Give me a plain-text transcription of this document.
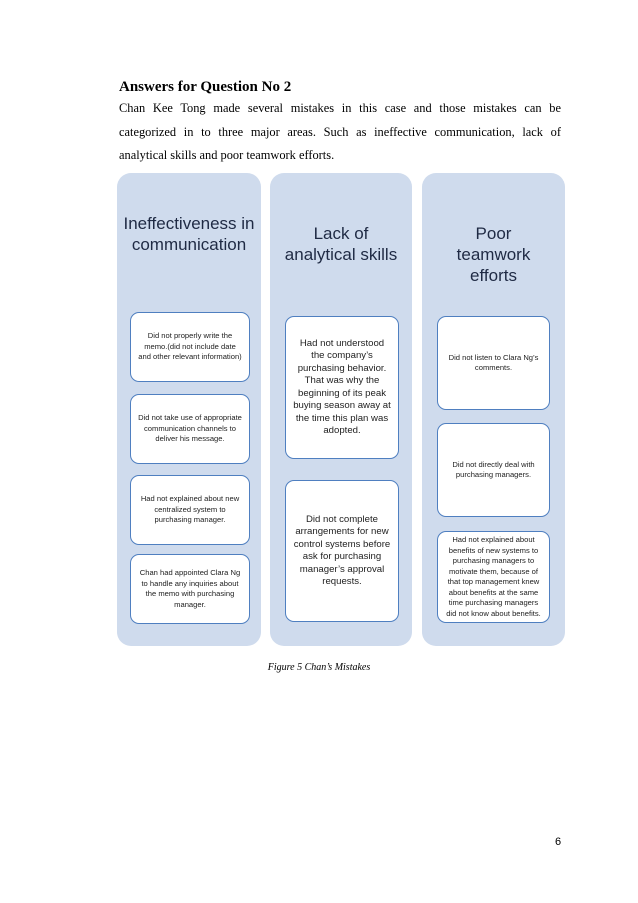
Answers for Question No 2
Chan Kee Tong made several mistakes in this case and those mistakes can be categorized in to three major areas. Such as ineffective communication, lack of analytical skills and poor teamwork efforts.
Ineffectiveness in communication
Did not properly write the memo.(did not include date and other relevant information)
Did not take use of appropriate communication channels to deliver his message.
Had not explained about new centralized system to purchasing manager.
Chan had appointed Clara Ng to handle any inquiries about the memo with purchasing manager.
Lack of analytical skills
Had not understood the company’s purchasing behavior. That was why the beginning of its peak buying season away at the time this plan was adopted.
Did not complete arrangements for new control systems before ask for purchasing manager’s approval requests.
Poor teamwork efforts
Did not listen to Clara Ng’s comments.
Did not directly deal with purchasing managers.
Had not explained about benefits of new systems to purchasing managers to motivate them, because of that top management knew about benefits at the same time purchasing managers did not know about benefits.
Figure 5 Chan’s Mistakes
6
